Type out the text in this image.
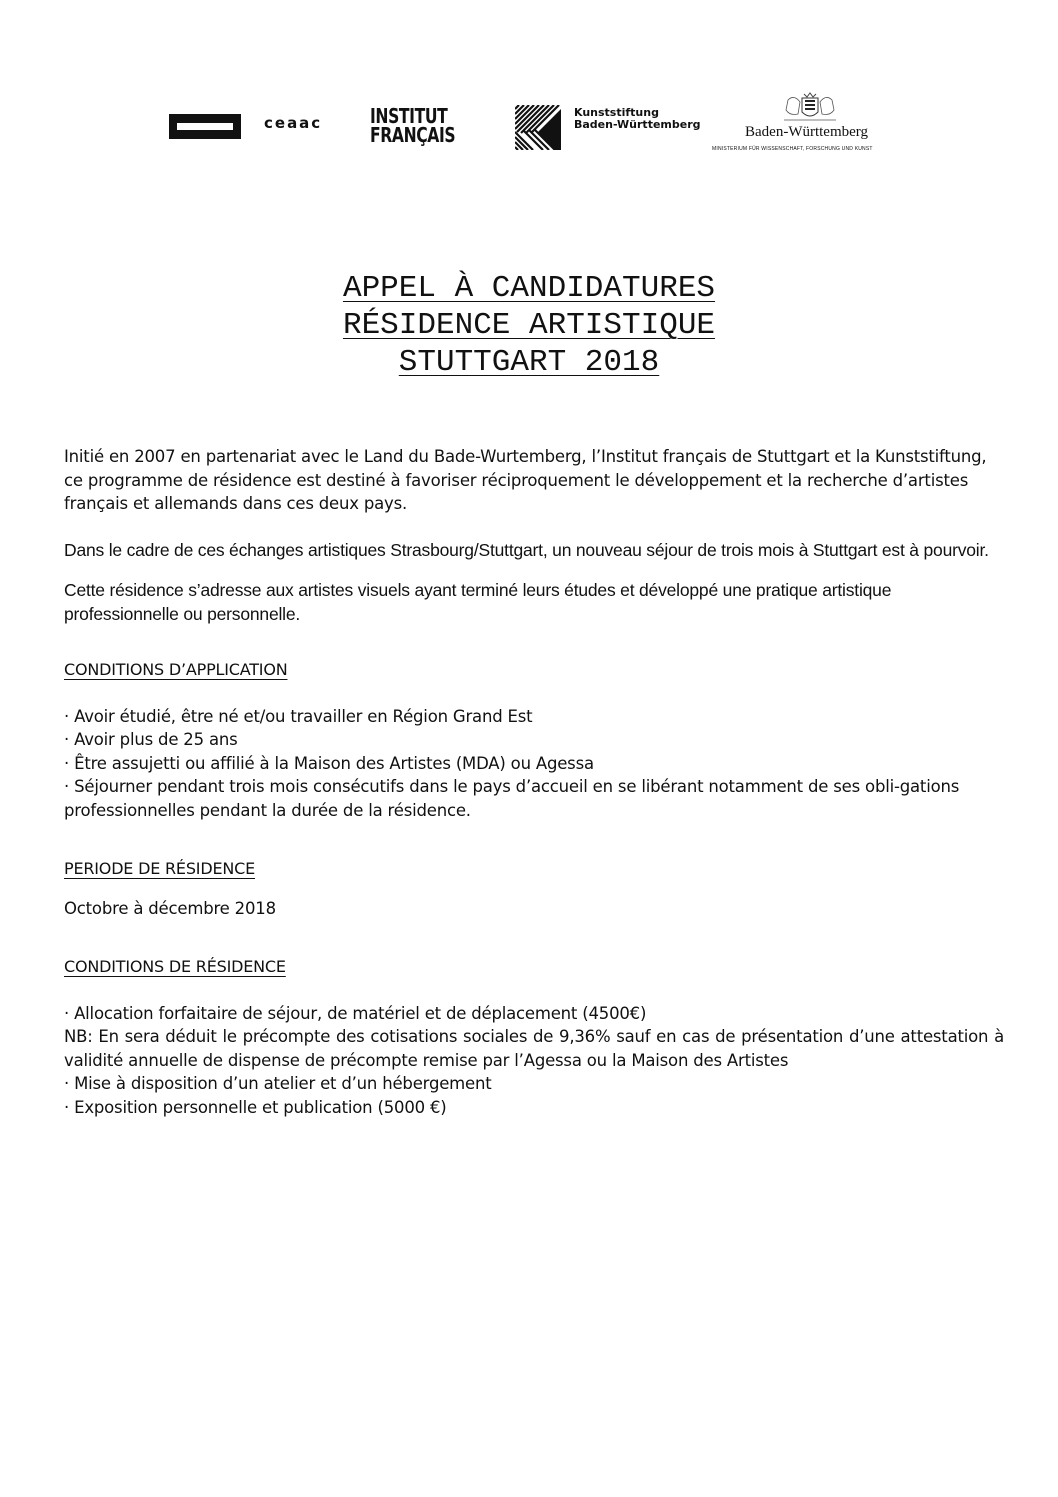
ceaac INSTITUT
FRANÇAIS
Kunststiftung
Baden-Württemberg	Baden-Württemberg
MINISTERIUM FÜR WISSENSCHAFT, FORSCHUNG UND KUNST
APPEL À CANDIDATURES
RÉSIDENCE ARTISTIQUE
STUTTGART 2018

Initié en 2007 en partenariat avec le Land du Bade-Wurtemberg, l’Institut français de Stuttgart et la Kunststiftung, ce programme de résidence est destiné à favoriser réciproquement le développement et la recherche d’artistes français et allemands dans ces deux pays.

Dans le cadre de ces échanges artistiques Strasbourg/Stuttgart, un nouveau séjour de trois mois à Stuttgart est à pourvoir.

Cette résidence s’adresse aux artistes visuels ayant terminé leurs études et développé une pratique artistique professionnelle ou personnelle.

CONDITIONS D’APPLICATION

· Avoir étudié, être né et/ou travailler en Région Grand Est
· Avoir plus de 25 ans
· Être assujetti ou affilié à la Maison des Artistes (MDA) ou Agessa
· Séjourner pendant trois mois consécutifs dans le pays d’accueil en se libérant notamment de ses obli-gations professionnelles pendant la durée de la résidence.

PERIODE DE RÉSIDENCE

Octobre à décembre 2018

CONDITIONS DE RÉSIDENCE

· Allocation forfaitaire de séjour, de matériel et de déplacement (4500€)
NB: En sera déduit le précompte des cotisations sociales de 9,36% sauf en cas de présentation d’une attestation à validité annuelle de dispense de précompte remise par l’Agessa ou la Maison des Artistes
· Mise à disposition d’un atelier et d’un hébergement
· Exposition personnelle et publication (5000 €)
